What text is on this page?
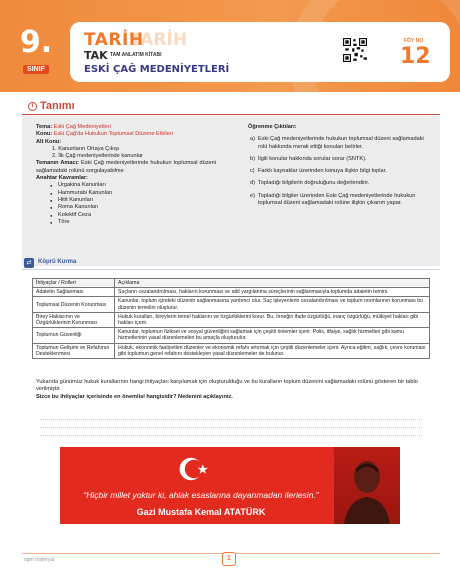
9.
SINIF
TARİH
TARİH
TAK TAM ANLATIM KİTABI
ESKİ ÇAĞ MEDENİYETLERİ
FÖY NO
12
i Tanımı
Tema: Eski Çağ Medeniyetleri
Konu: Eski Çağ'da Hukukun Toplumsal Düzene Etkileri
Alt Konu:
1. Kanunların Ortaya Çıkışı
2. İlk Çağ medeniyetlerinde kanunlar
Temanın Amacı: Eski Çağ medeniyetlerinde hukukun toplumsal düzeni sağlamadaki rolünü sorgulayabilme
Anahtar Kavramlar:
● Urgakina Kanunları
● Hammurabi Kanunları
● Hitit Kanunları
● Roma Kanunları
● Kolektif Ceza
● Töre
Öğrenme Çıktıları:
a) Eski Çağ medeniyetlerinde hukukun toplumsal düzeni sağlamadaki rolü hakkında merak ettiği konuları belirler.
b) İlgili konular hakkında sorular sorar (SNTK).
c) Farklı kaynaklar üzerinden konuya ilişkin bilgi toplar.
d) Topladığı bilgilerin doğruluğunu değerlendirir.
e) Topladığı bilgiler üzerinden Eski Çağ medeniyetlerinde hukukun toplumsal düzeni sağlamadaki rolüne ilişkin çıkarım yapar.
⇄	Köprü Kurma
İhtiyaçlar / Rolleri	Açıklama
Adaletin Sağlanması	Suçların cezalandırılması, hakların korunması ve adil yargılanma süreçlerinin sağlanmasıyla toplumda adaletin temini.
Toplumsal Düzenin Korunması	Kanunlar, toplum içindeki düzenin sağlanmasına yardımcı olur. Suç işleyenlerin cezalandırılması ve toplum normlarının korunması bu düzenin temelini oluşturur.
Birey Haklarının ve Özgürlüklerinin Korunması	Hukuk kuralları, bireylerin temel haklarını ve özgürlüklerini korur. Bu, örneğin ifade özgürlüğü, inanç özgürlüğü, mülkiyet hakları gibi hakları içerir.
Toplumun Güvenliği	Kanunlar, toplumun fiziksel ve sosyal güvenliğini sağlamak için çeşitli önlemler içerir. Polis, itfaiye, sağlık hizmetleri gibi kamu hizmetlerinin yasal düzenlemeleri bu amaçla oluşturulur.
Toplumun Gelişimi ve Refahının Desteklenmesi	Hukuk, ekonomik faaliyetleri düzenler ve ekonomik refahı artırmak için çeşitli düzenlemeler içerir. Ayrıca eğitim, sağlık, çevre koruması gibi toplumun genel refahını destekleyen yasal düzenlemeler de bulunur.
Yukarıda günümüz hukuk kurallarının hangi ihtiyaçları karşılamak için oluşturulduğu ve bu kuralların toplum düzenini sağlamadaki rolünü gösteren bir tablo verilmiştir.
Sizce bu ihtiyaçlar içerisinde en önemlisi hangisidir? Nedenini açıklayınız.
“Hiçbir millet yoktur ki, ahlak esaslarına dayanmadan ilerlesin.”
Gazi Mustafa Kemal ATATÜRK
ogm materyal	1
